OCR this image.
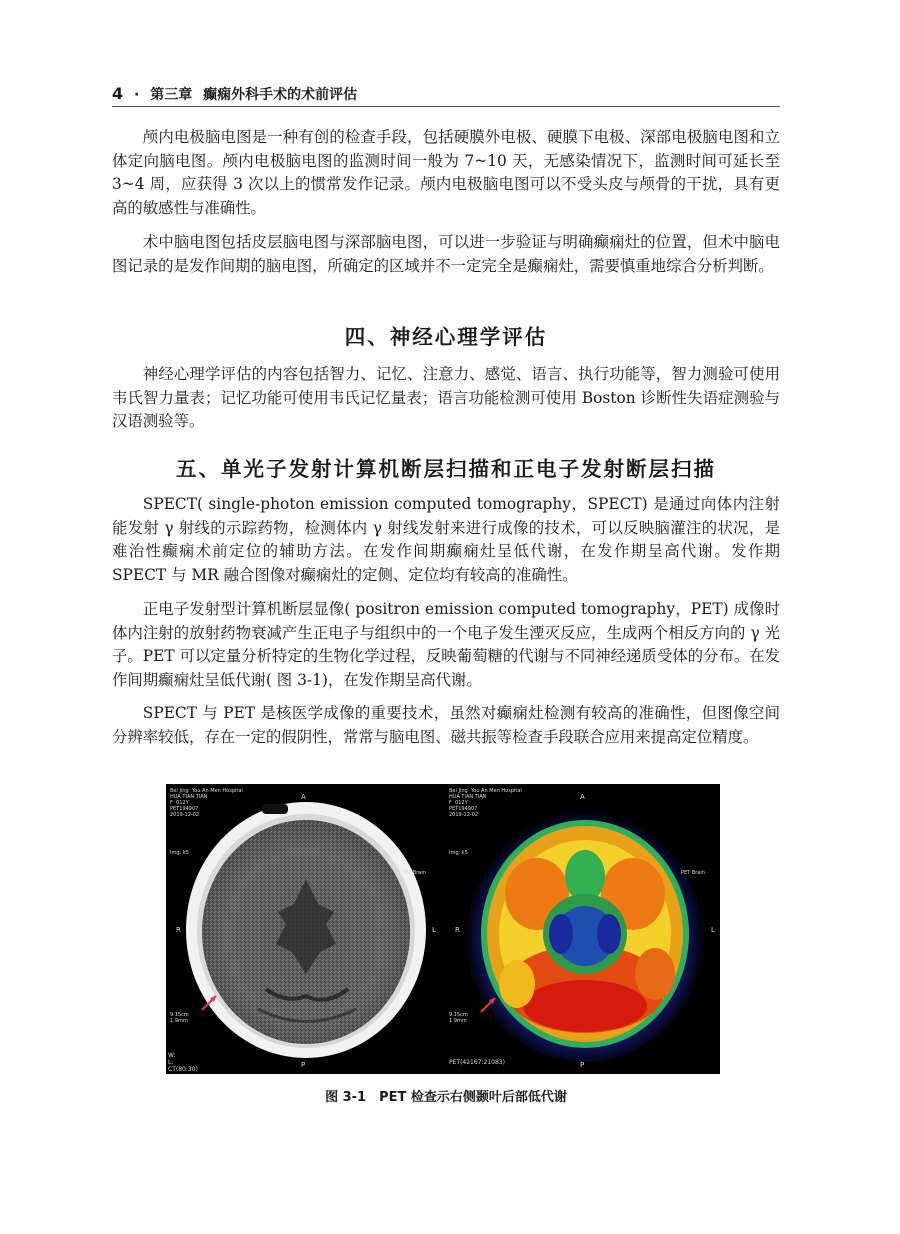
4 · 第三章 癫痫外科手术的术前评估

颅内电极脑电图是一种有创的检查手段，包括硬膜外电极、硬膜下电极、深部电极脑电图和立体定向脑电图。颅内电极脑电图的监测时间一般为 7~10 天，无感染情况下，监测时间可延长至 3~4 周，应获得 3 次以上的惯常发作记录。颅内电极脑电图可以不受头皮与颅骨的干扰，具有更高的敏感性与准确性。

术中脑电图包括皮层脑电图与深部脑电图，可以进一步验证与明确癫痫灶的位置，但术中脑电图记录的是发作间期的脑电图，所确定的区域并不一定完全是癫痫灶，需要慎重地综合分析判断。

四、神经心理学评估

神经心理学评估的内容包括智力、记忆、注意力、感觉、语言、执行功能等，智力测验可使用韦氏智力量表；记忆功能可使用韦氏记忆量表；语言功能检测可使用 Boston 诊断性失语症测验与汉语测验等。

五、单光子发射计算机断层扫描和正电子发射断层扫描

SPECT( single-photon emission computed tomography，SPECT) 是通过向体内注射能发射 γ 射线的示踪药物，检测体内 γ 射线发射来进行成像的技术，可以反映脑灌注的状况，是难治性癫痫术前定位的辅助方法。在发作间期癫痫灶呈低代谢，在发作期呈高代谢。发作期 SPECT 与 MR 融合图像对癫痫灶的定侧、定位均有较高的准确性。

正电子发射型计算机断层显像( positron emission computed tomography，PET) 成像时体内注射的放射药物衰减产生正电子与组织中的一个电子发生湮灭反应，生成两个相反方向的 γ 光子。PET 可以定量分析特定的生物化学过程，反映葡萄糖的代谢与不同神经递质受体的分布。在发作间期癫痫灶呈低代谢( 图 3-1)，在发作期呈高代谢。

SPECT 与 PET 是核医学成像的重要技术，虽然对癫痫灶检测有较高的准确性，但图像空间分辨率较低，存在一定的假阴性，常常与脑电图、磁共振等检查手段联合应用来提高定位精度。

Bei Jing  You An Men Hospital
HUA TIAN TIAN
F  012Y
PET194907
2019-12-02
Img: k5
PET Brain
A
P
R	L
9.15cm
1.9mm
W:
L:
CT(80:30)
Bei Jing  You An Men Hospital
HUA TIAN TIAN
F  012Y
PET194907
2019-12-02
Img: k5
PET Brain
A
P
R	L
9.15cm
1.9mm
PET(42167:21083)

图 3-1　PET 检查示右侧颞叶后部低代谢
